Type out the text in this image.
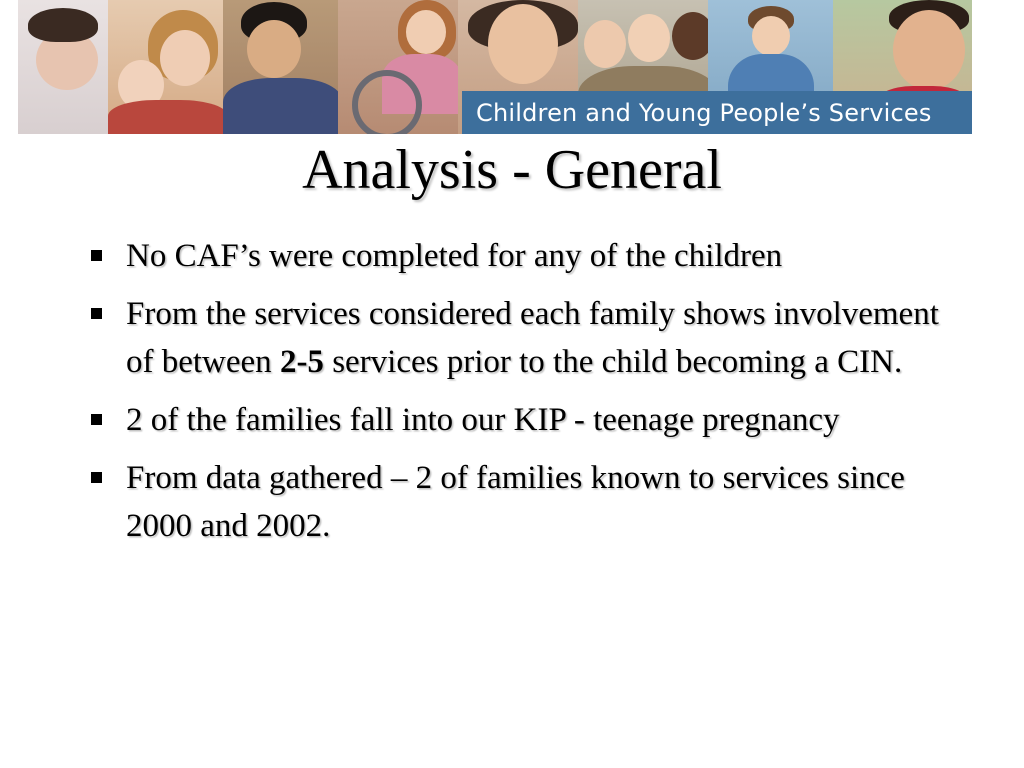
Children and Young People’s Services
Analysis - General
No CAF’s were completed for any of the children
From the services considered each family shows involvement of between 2-5 services prior to the child becoming a CIN.
2 of the families fall into our KIP - teenage pregnancy
From data gathered – 2 of families known to services since 2000 and 2002.
